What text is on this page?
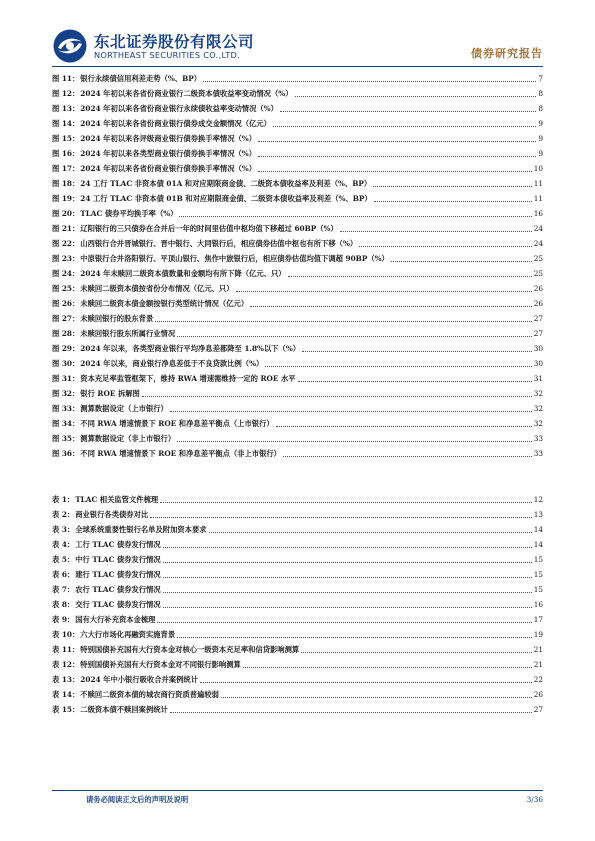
东北证券股份有限公司
NORTHEAST SECURITIES CO.,LTD.	债券研究报告
图 11： 银行永续债信用利差走势（%、BP）	7
图 12： 2024 年初以来各省份商业银行二级资本债收益率变动情况（%）	8
图 13： 2024 年初以来各省份商业银行永续债收益率变动情况（%）	8
图 14： 2024 年初以来各省份商业银行债券成交金额情况（亿元）	9
图 15： 2024 年初以来各评级商业银行债券换手率情况（%）	9
图 16： 2024 年初以来各类型商业银行债券换手率情况（%）	9
图 17： 2024 年初以来各省份商业银行债券换手率情况（%）	10
图 18： 24 工行 TLAC 非资本债 01A 和对应期限商金债、二级资本债收益率及利差（%、BP）	11
图 19： 24 工行 TLAC 非资本债 01B 和对应期限商金债、二级资本债收益率及利差（%、BP）	11
图 20： TLAC 债券平均换手率（%）	16
图 21： 辽阳银行的三只债券在合并后一年的时间里估值中枢均值下移超过 60BP（%）	24
图 22： 山西银行合并晋城银行、晋中银行、大同银行后，相应债券估值中枢也有所下移（%）	24
图 23： 中原银行合并洛阳银行、平顶山银行、焦作中旅银行后，相应债券估值均值下调超 90BP（%）	25
图 24： 2024 年未赎回二级资本债数量和金额均有所下降（亿元、只）	25
图 25： 未赎回二级资本债按省份分布情况（亿元、只）	26
图 26： 未赎回二级资本债金额按银行类型统计情况（亿元）	26
图 27： 未赎回银行的股东背景	27
图 28： 未赎回银行股东所属行业情况	27
图 29： 2024 年以来，各类型商业银行平均净息差都降至 1.8%以下（%）	30
图 30： 2024 年以来，商业银行净息差低于不良贷款比例（%）	30
图 31： 资本充足率监管框架下，维持 RWA 增速需维持一定的 ROE 水平	31
图 32： 银行 ROE 拆解图	32
图 33： 测算数据设定（上市银行）	32
图 34： 不同 RWA 增速情景下 ROE 和净息差平衡点（上市银行）	32
图 35： 测算数据设定（非上市银行）	33
图 36： 不同 RWA 增速情景下 ROE 和净息差平衡点（非上市银行）	33
表 1： TLAC 相关监管文件梳理	12
表 2： 商业银行各类债券对比	13
表 3： 全球系统重要性银行名单及附加资本要求	14
表 4： 工行 TLAC 债券发行情况	14
表 5： 中行 TLAC 债券发行情况	15
表 6： 建行 TLAC 债券发行情况	15
表 7： 农行 TLAC 债券发行情况	15
表 8： 交行 TLAC 债券发行情况	16
表 9： 国有大行补充资本金梳理	17
表 10： 六大行市场化再融资实施背景	19
表 11： 特别国债补充国有大行资本金对核心一级资本充足率和信贷影响测算	21
表 12： 特别国债补充国有大行资本金对不同银行影响测算	21
表 13： 2024 年中小银行吸收合并案例统计	22
表 14： 不赎回二级资本债的城农商行资质普遍较弱	26
表 15： 二级资本债不赎回案例统计	27
请务必阅读正文后的声明及说明	3/36
